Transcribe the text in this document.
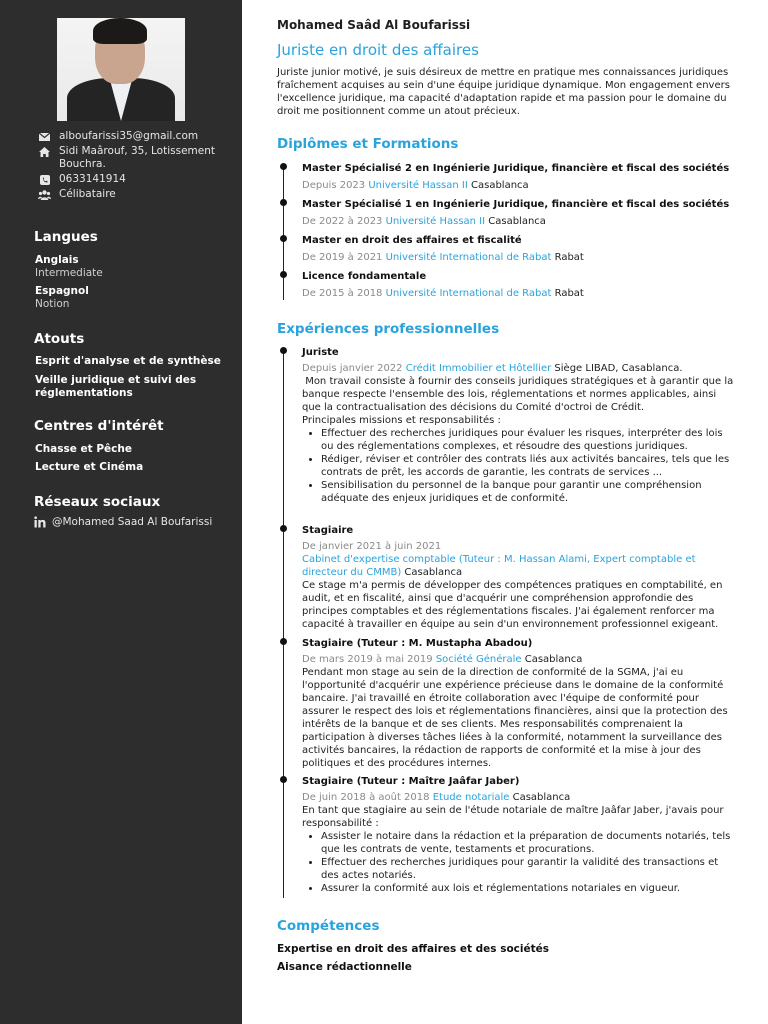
alboufarissi35@gmail.com
Sidi Maârouf, 35, Lotissement Bouchra.
0633141914
Célibataire
Langues
Anglais
Intermediate
Espagnol
Notion
Atouts
Esprit d'analyse et de synthèse
Veille juridique et suivi des réglementations
Centres d'intérêt
Chasse et Pêche
Lecture et Cinéma
Réseaux sociaux
@Mohamed Saad Al Boufarissi
Mohamed Saâd Al Boufarissi
Juriste en droit des affaires
Juriste junior motivé, je suis désireux de mettre en pratique mes connaissances juridiques fraîchement acquises au sein d'une équipe juridique dynamique. Mon engagement envers l'excellence juridique, ma capacité d'adaptation rapide et ma passion pour le domaine du droit me positionnent comme un atout précieux.
Diplômes et Formations
Master Spécialisé 2 en Ingénierie Juridique, financière et fiscal des sociétés
Depuis 2023 Université Hassan II Casablanca
Master Spécialisé 1 en Ingénierie Juridique, financière et fiscal des sociétés
De 2022 à 2023 Université Hassan II Casablanca
Master en droit des affaires et fiscalité
De 2019 à 2021 Université International de Rabat Rabat
Licence fondamentale
De 2015 à 2018 Université International de Rabat Rabat
Expériences professionnelles
Juriste
Depuis janvier 2022 Crédit Immobilier et Hôtellier Siège LIBAD, Casablanca.
Mon travail consiste à fournir des conseils juridiques stratégiques et à garantir que la banque respecte l'ensemble des lois, réglementations et normes applicables, ainsi que la contractualisation des décisions du Comité d'octroi de Crédit.
Principales missions et responsabilités :
• Effectuer des recherches juridiques pour évaluer les risques, interpréter des lois ou des réglementations complexes, et résoudre des questions juridiques.
• Rédiger, réviser et contrôler des contrats liés aux activités bancaires, tels que les contrats de prêt, les accords de garantie, les contrats de services ...
• Sensibilisation du personnel de la banque pour garantir une compréhension adéquate des enjeux juridiques et de conformité.
Stagiaire
De janvier 2021 à juin 2021
Cabinet d'expertise comptable (Tuteur : M. Hassan Alami, Expert comptable et directeur du CMMB) Casablanca
Ce stage m'a permis de développer des compétences pratiques en comptabilité, en audit, et en fiscalité, ainsi que d'acquérir une compréhension approfondie des principes comptables et des réglementations fiscales. J'ai également renforcer ma capacité à travailler en équipe au sein d'un environnement professionnel exigeant.
Stagiaire (Tuteur : M. Mustapha Abadou)
De mars 2019 à mai 2019 Société Générale Casablanca
Pendant mon stage au sein de la direction de conformité de la SGMA, j'ai eu l'opportunité d'acquérir une expérience précieuse dans le domaine de la conformité bancaire. J'ai travaillé en étroite collaboration avec l'équipe de conformité pour assurer le respect des lois et réglementations financières, ainsi que la protection des intérêts de la banque et de ses clients. Mes responsabilités comprenaient la participation à diverses tâches liées à la conformité, notamment la surveillance des activités bancaires, la rédaction de rapports de conformité et la mise à jour des politiques et des procédures internes.
Stagiaire (Tuteur : Maître Jaâfar Jaber)
De juin 2018 à août 2018 Etude notariale Casablanca
En tant que stagiaire au sein de l'étude notariale de maître Jaâfar Jaber, j'avais pour responsabilité :
• Assister le notaire dans la rédaction et la préparation de documents notariés, tels que les contrats de vente, testaments et procurations.
• Effectuer des recherches juridiques pour garantir la validité des transactions et des actes notariés.
• Assurer la conformité aux lois et réglementations notariales en vigueur.
Compétences
Expertise en droit des affaires et des sociétés
Aisance rédactionnelle
